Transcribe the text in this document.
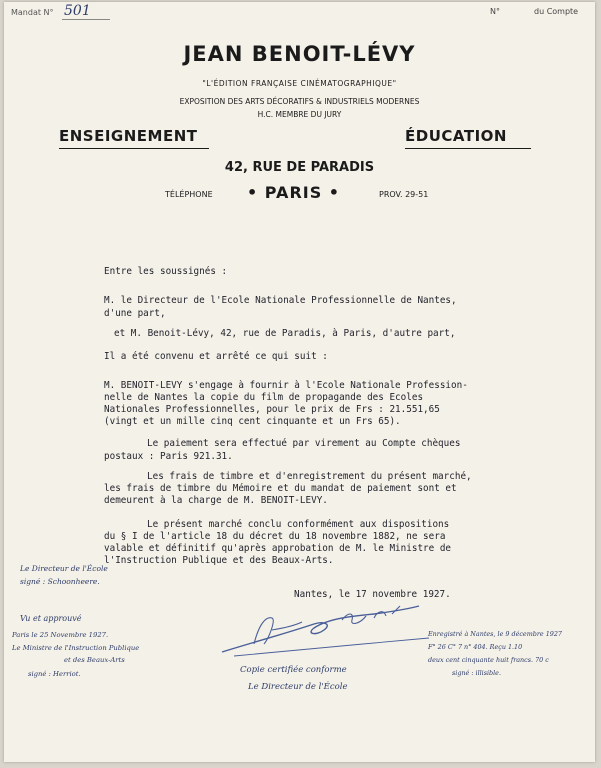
Mandat N° 501	N°	du Compte
JEAN BENOIT-LÉVY
"L'ÉDITION FRANÇAISE CINÉMATOGRAPHIQUE"
EXPOSITION DES ARTS DÉCORATIFS & INDUSTRIELS MODERNES
H.C. MEMBRE DU JURY
ENSEIGNEMENT	ÉDUCATION
42, RUE DE PARADIS
TÉLÉPHONE • PARIS •	PROV. 29-51
Entre les soussignés :
M. le Directeur de l'Ecole Nationale Professionnelle de Nantes,
d'une part,
et M. Benoit-Lévy, 42, rue de Paradis, à Paris, d'autre part,
Il a été convenu et arrêté ce qui suit :
M. BENOIT-LEVY s'engage à fournir à l'Ecole Nationale Profession-
nelle de Nantes la copie du film de propagande des Ecoles
Nationales Professionnelles, pour le prix de Frs : 21.551,65
(vingt et un mille cinq cent cinquante et un Frs 65).
Le paiement sera effectué par virement au Compte chèques
postaux : Paris 921.31.
Les frais de timbre et d'enregistrement du présent marché,
les frais de timbre du Mémoire et du mandat de paiement sont et
demeurent à la charge de M. BENOIT-LEVY.
Le présent marché conclu conformément aux dispositions
du § I de l'article 18 du décret du 18 novembre 1882, ne sera
valable et définitif qu'après approbation de M. le Ministre de
l'Instruction Publique et des Beaux-Arts.
Nantes, le 17 novembre 1927.
Le Directeur de l'École
signé : Schoonheere.
Vu et approuvé
Paris le 25 Novembre 1927.
Le Ministre de l'Instruction Publique
et des Beaux-Arts
signé : Herriot.	Copie certifiée conforme
Le Directeur de l'École
Enregistré à Nantes, le 9 décembre 1927
F° 26 C° 7 n° 404. Reçu 1.10
deux cent cinquante huit francs. 70 c
signé : illisible.
